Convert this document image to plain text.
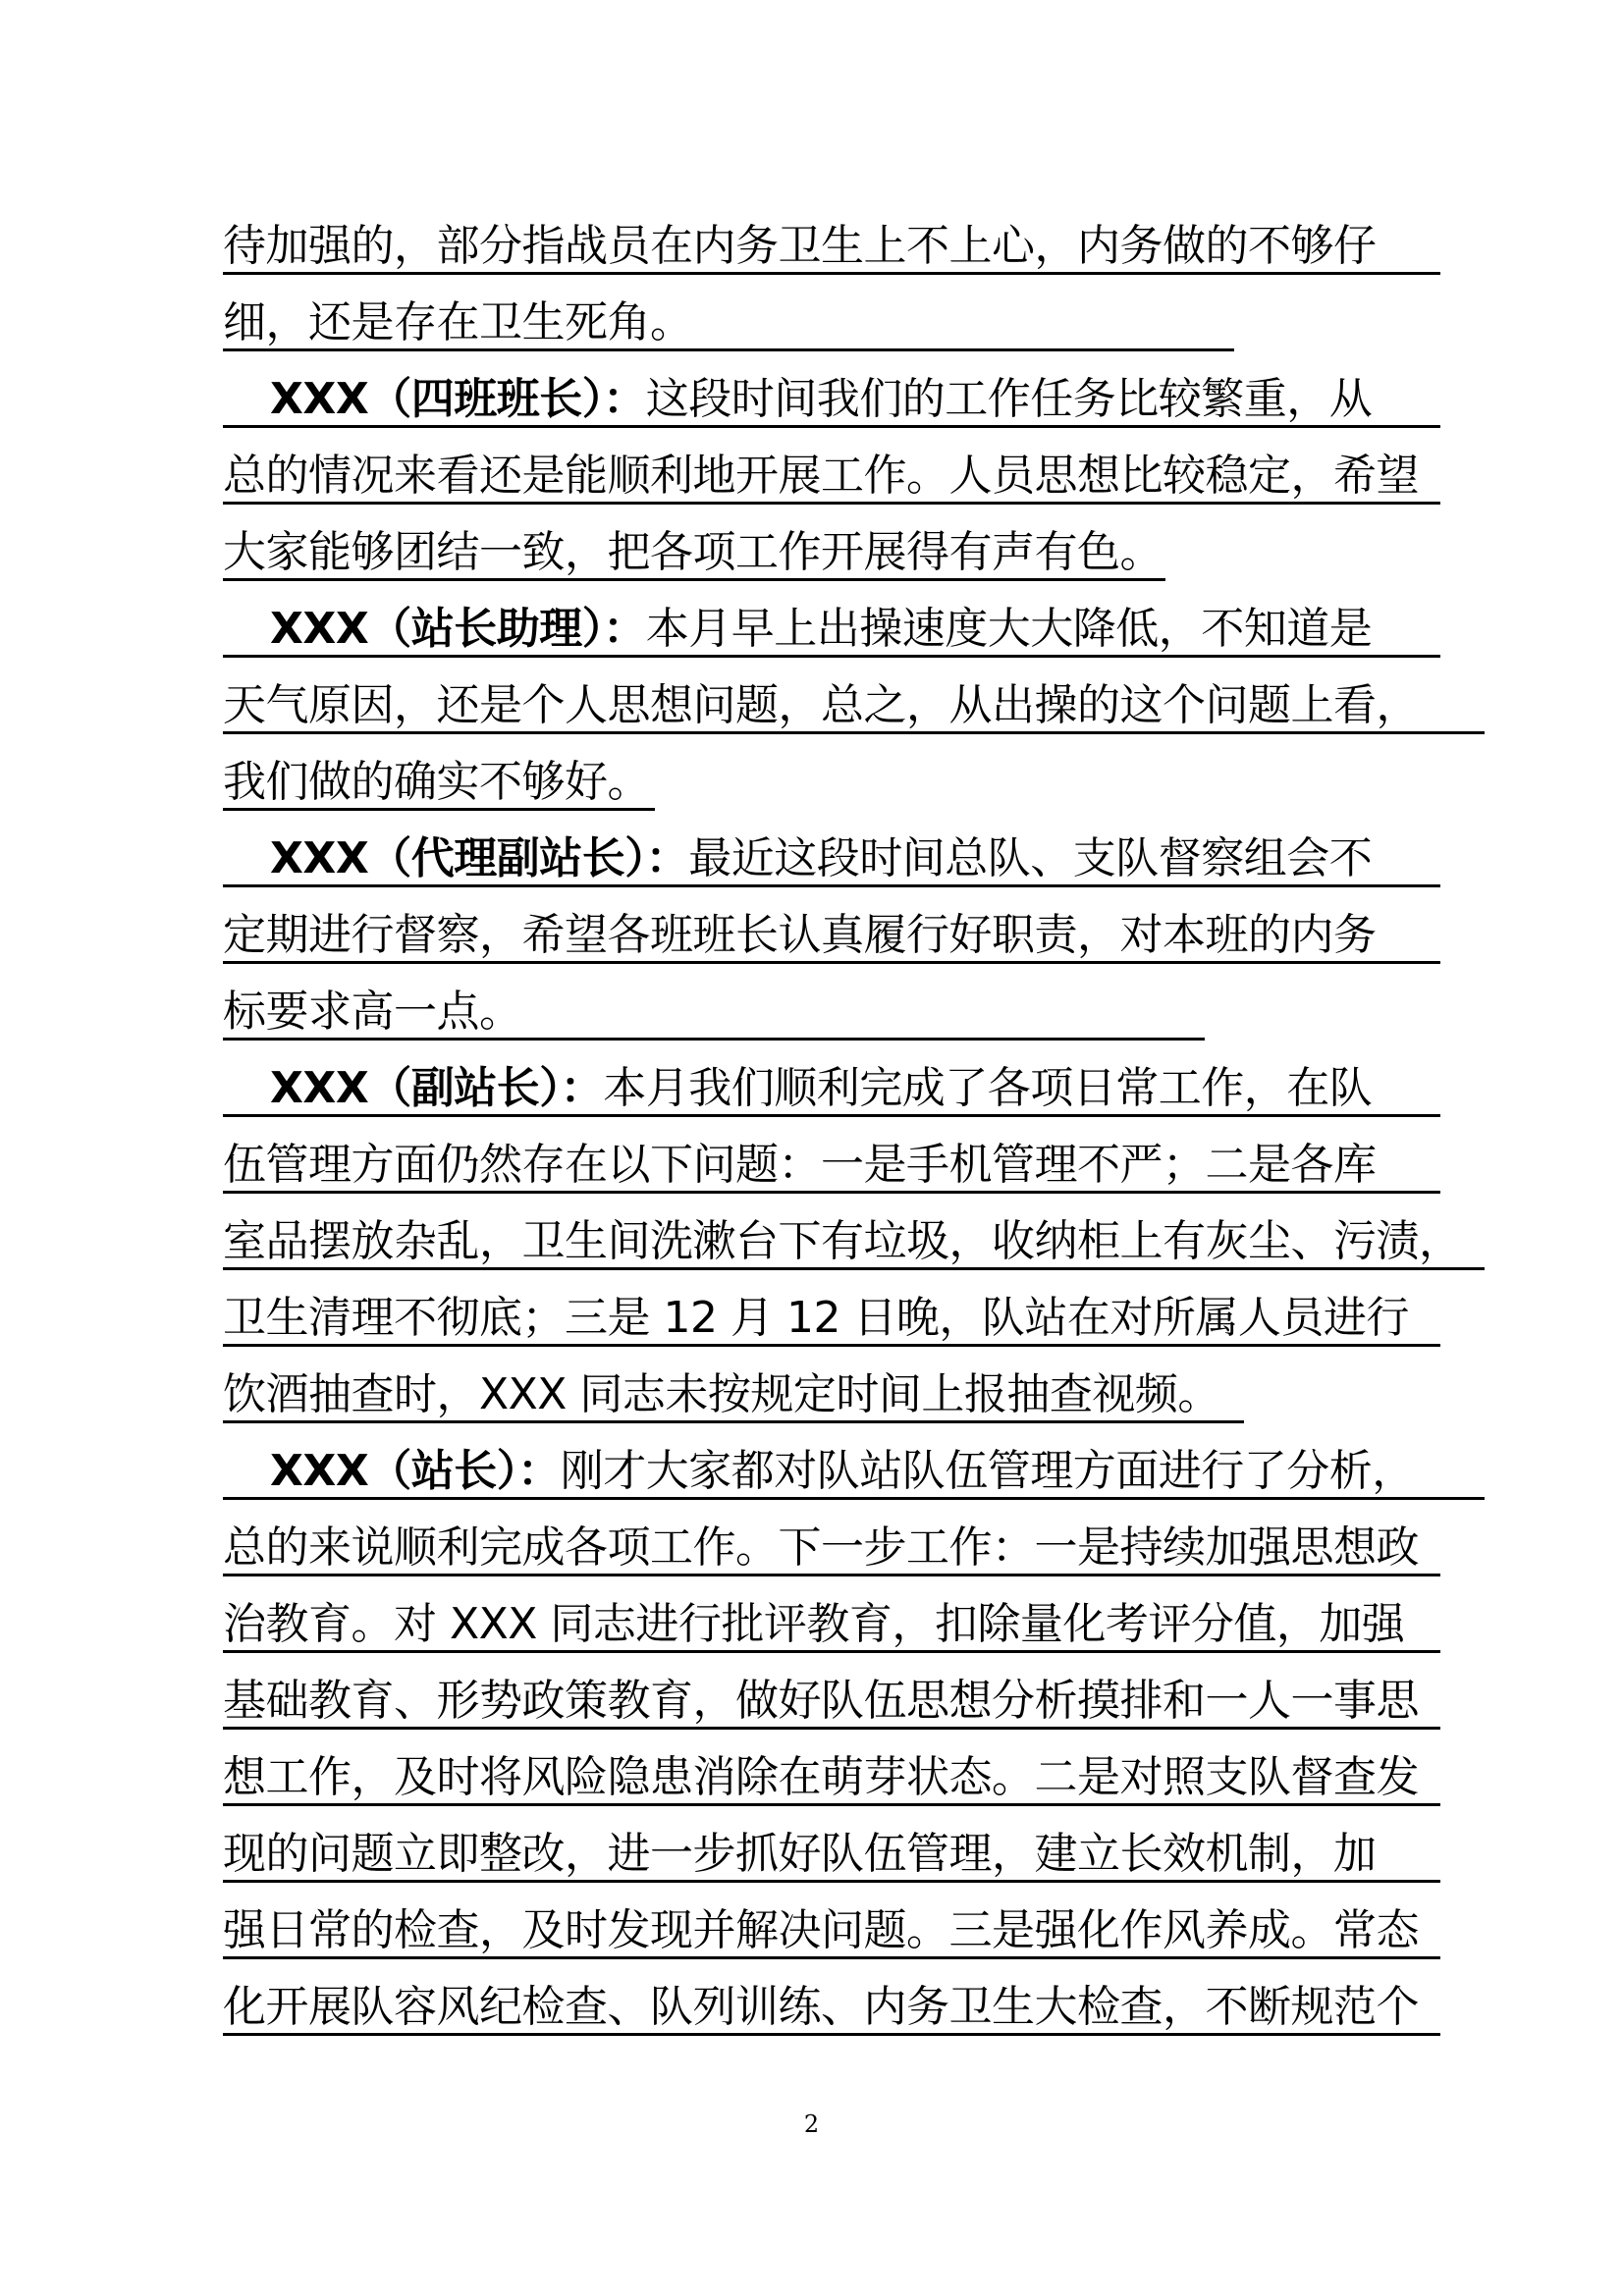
待加强的，部分指战员在内务卫生上不上心，内务做的不够仔
细，还是存在卫生死角。
XXX（四班班长）：这段时间我们的工作任务比较繁重，从
总的情况来看还是能顺利地开展工作。人员思想比较稳定，希望
大家能够团结一致，把各项工作开展得有声有色。
XXX（站长助理）：本月早上出操速度大大降低，不知道是
天气原因，还是个人思想问题，总之，从出操的这个问题上看，
我们做的确实不够好。
XXX（代理副站长）：最近这段时间总队、支队督察组会不
定期进行督察，希望各班班长认真履行好职责，对本班的内务
标要求高一点。
XXX（副站长）：本月我们顺利完成了各项日常工作，在队
伍管理方面仍然存在以下问题：一是手机管理不严；二是各库
室品摆放杂乱，卫生间洗漱台下有垃圾，收纳柜上有灰尘、污渍，
卫生清理不彻底；三是 12 月 12 日晚，队站在对所属人员进行
饮酒抽查时，XXX 同志未按规定时间上报抽查视频。
XXX（站长）：刚才大家都对队站队伍管理方面进行了分析，
总的来说顺利完成各项工作。下一步工作：一是持续加强思想政
治教育。对 XXX 同志进行批评教育，扣除量化考评分值，加强
基础教育、形势政策教育，做好队伍思想分析摸排和一人一事思
想工作，及时将风险隐患消除在萌芽状态。二是对照支队督查发
现的问题立即整改，进一步抓好队伍管理，建立长效机制，加
强日常的检查，及时发现并解决问题。三是强化作风养成。常态
化开展队容风纪检查、队列训练、内务卫生大检查，不断规范个
2
